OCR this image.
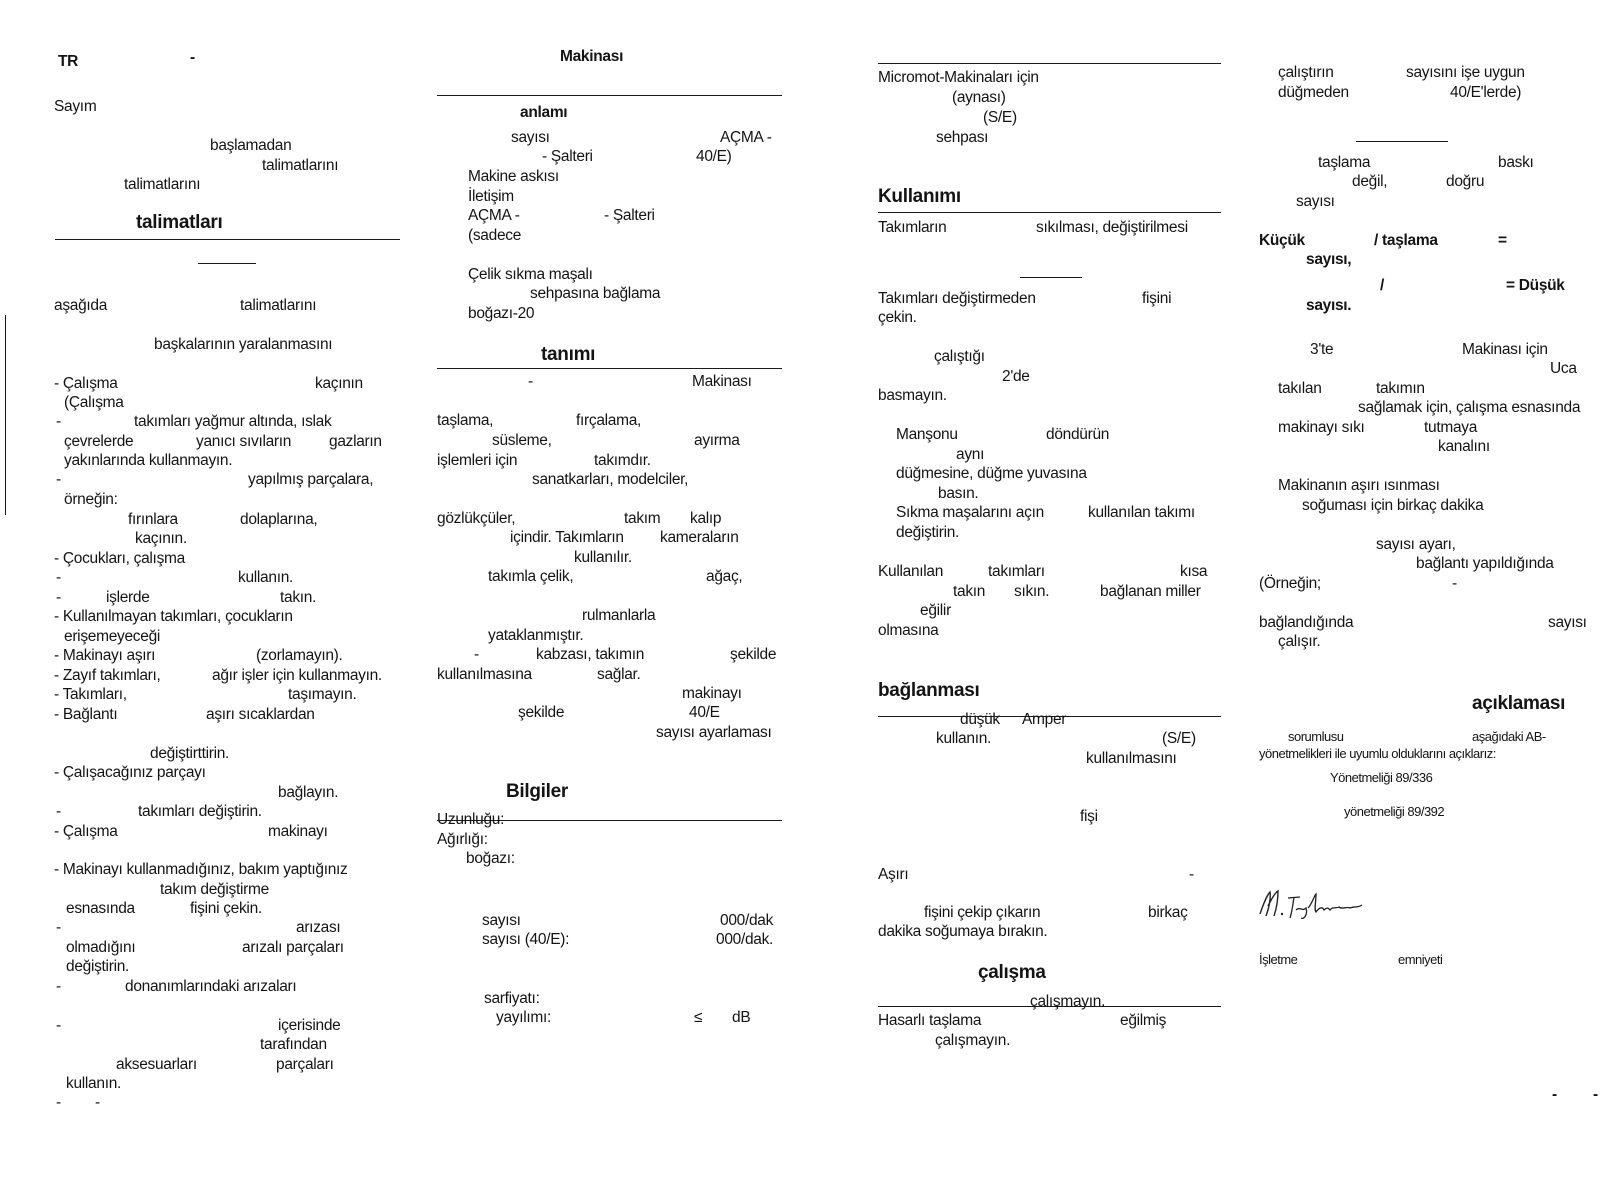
TR	-
Sayım
başlamadan
talimatlarını
talimatlarını
talimatları
aşağıda	talimatlarını
başkalarının yaralanmasını
- Çalışma	kaçının
(Çalışma
-	takımları yağmur altında, ıslak
çevrelerde	yanıcı sıvıların gazların
yakınlarında kullanmayın.
-	yapılmış parçalara,
örneğin:
fırınlara	dolaplarına,
kaçının.
- Çocukları, çalışma
-	kullanın.
-	işlerde	takın.
- Kullanılmayan takımları, çocukların
erişemeyeceği
- Makinayı aşırı	(zorlamayın).
- Zayıf takımları,	ağır işler için kullanmayın.
- Takımları,	taşımayın.
- Bağlantı	aşırı sıcaklardan
değiştirttirin.
- Çalışacağınız parçayı
bağlayın.
-	takımları değiştirin.
- Çalışma	makinayı
- Makinayı kullanmadığınız, bakım yaptığınız
takım değiştirme
esnasında	fişini çekin.
-	arızası
olmadığını	arızalı parçaları
değiştirin.
-	donanımlarındaki arızaları
-	içerisinde
tarafından
aksesuarları	parçaları
kullanın.
- -
Makinası
anlamı
sayısı	AÇMA -
- Şalteri	40/E)
Makine askısı
İletişim
AÇMA -	- Şalteri
(sadece
Çelik sıkma maşalı
sehpasına bağlama
boğazı-20
tanımı
-	Makinası
taşlama,	fırçalama,
süsleme,	ayırma
işlemleri için	takımdır.
sanatkarları, modelciler,
gözlükçüler,	takım kalıp
içindir. Takımların kameraların
kullanılır.
takımla çelik,	ağaç,
rulmanlarla
yataklanmıştır.
-	kabzası, takımın	şekilde
kullanılmasına	sağlar.
makinayı
şekilde	40/E
sayısı ayarlaması
Bilgiler
Uzunluğu:
Ağırlığı:
boğazı:
sayısı	000/dak
sayısı (40/E):	000/dak.
sarfiyatı:
yayılımı:	≤ dB
Micromot-Makinaları için
(aynası)
(S/E)
sehpası
Kullanımı
Takımların	sıkılması, değiştirilmesi
Takımları değiştirmeden	fişini
çekin.
çalıştığı
2'de
basmayın.
Manşonu	döndürün
aynı
düğmesine, düğme yuvasına
basın.
Sıkma maşalarını açın	kullanılan takımı
değiştirin.
Kullanılan	takımları	kısa
takın sıkın.	bağlanan miller
eğilir
olmasına
bağlanması
düşük Amper
kullanın.	(S/E)
kullanılmasını
fişi
Aşırı	-
fişini çekip çıkarın	birkaç
dakika soğumaya bırakın.
çalışma
çalışmayın.
Hasarlı taşlama	eğilmiş
çalışmayın.
çalıştırın	sayısını işe uygun
düğmeden	40/E'lerde)
taşlama	baskı
değil,	doğru
sayısı
Küçük	/ taşlama	=
sayısı,
/	= Düşük
sayısı.
3'te	Makinası için
Uca
takılan	takımın
sağlamak için, çalışma esnasında
makinayı sıkı	tutmaya
kanalını
Makinanın aşırı ısınması
soğuması için birkaç dakika
sayısı ayarı,
bağlantı yapıldığında
(Örneğin;	-
bağlandığında	sayısı
çalışır.
açıklaması
sorumlusu	aşağıdaki AB-
yönetmelikleri ile uyumlu olduklarını açıklarız:
Yönetmeliği 89/336
yönetmeliği 89/392
İşletme	emniyeti
- -
